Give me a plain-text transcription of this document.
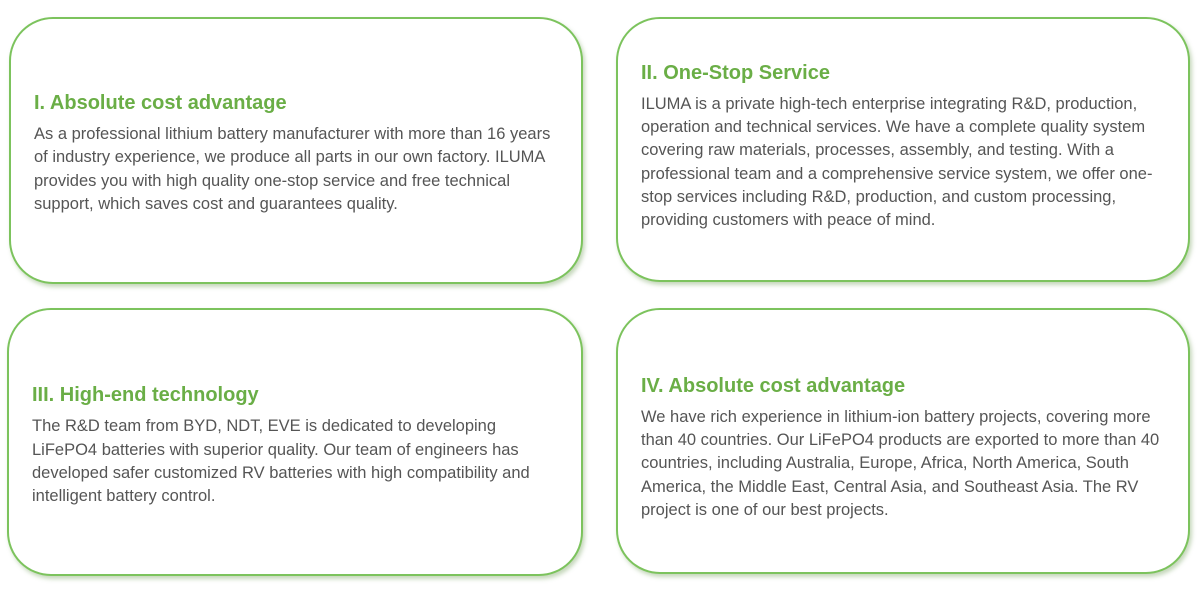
I. Absolute cost advantage

As a professional lithium battery manufacturer with more than 16 years of industry experience, we produce all parts in our own factory. ILUMA provides you with high quality one-stop service and free technical support, which saves cost and guarantees quality.

II. One-Stop Service

ILUMA is a private high-tech enterprise integrating R&D, production, operation and technical services. We have a complete quality system covering raw materials, processes, assembly, and testing. With a professional team and a comprehensive service system, we offer one-stop services including R&D, production, and custom processing, providing customers with peace of mind.

III. High-end technology

The R&D team from BYD, NDT, EVE is dedicated to developing LiFePO4 batteries with superior quality. Our team of engineers has developed safer customized RV batteries with high compatibility and intelligent battery control.

IV. Absolute cost advantage

We have rich experience in lithium-ion battery projects, covering more than 40 countries. Our LiFePO4 products are exported to more than 40 countries, including Australia, Europe, Africa, North America, South America, the Middle East, Central Asia, and Southeast Asia. The RV project is one of our best projects.
